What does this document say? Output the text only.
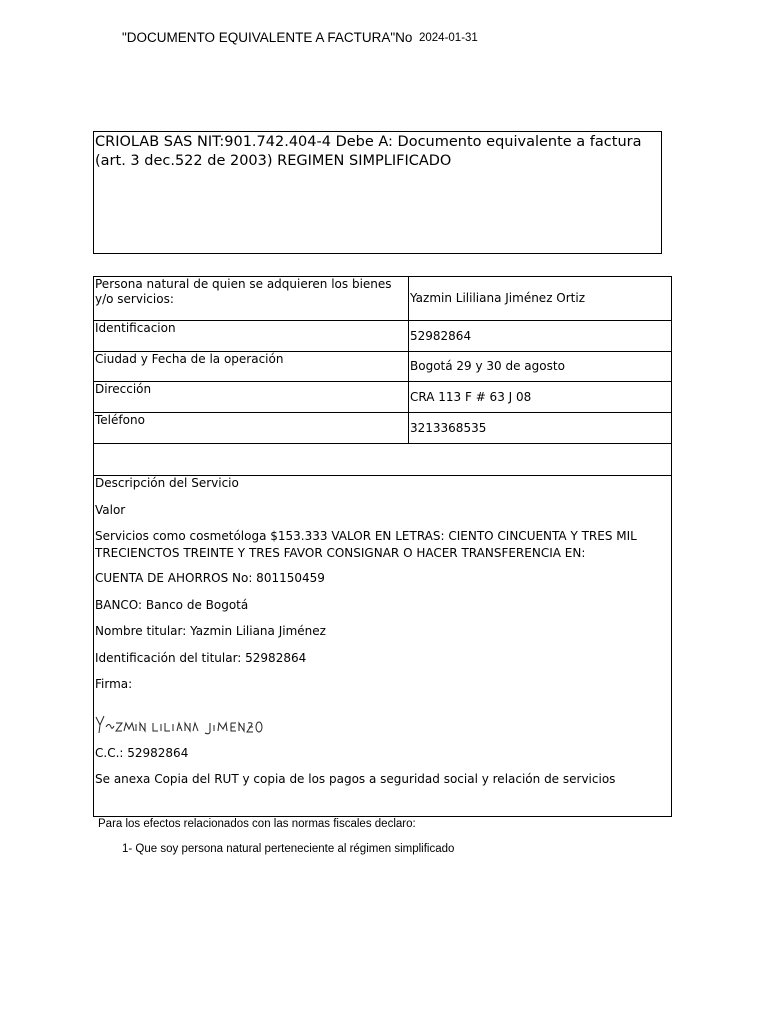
"DOCUMENTO EQUIVALENTE A FACTURA"No 2024-01-31
CRIOLAB SAS NIT:901.742.404-4 Debe A: Documento equivalente a factura
(art. 3 dec.522 de 2003) REGIMEN SIMPLIFICADO
Persona natural de quien se adquieren los bienes y/o servicios:	Yazmin Lililiana Jiménez Ortiz
Identificacion	52982864
Ciudad y Fecha de la operación	Bogotá 29 y 30 de agosto
Dirección	CRA 113 F # 63 J 08
Teléfono	3213368535

Descripción del Servicio

Valor

Servicios como cosmetóloga $153.333 VALOR EN LETRAS: CIENTO CINCUENTA Y TRES MIL TRECIENCTOS TREINTE Y TRES FAVOR CONSIGNAR O HACER TRANSFERENCIA EN:

CUENTA DE AHORROS No: 801150459

BANCO: Banco de Bogotá

Nombre titular: Yazmin Liliana Jiménez

Identificación del titular: 52982864

Firma:

C.C.: 52982864

Se anexa Copia del RUT y copia de los pagos a seguridad social y relación de servicios

Para los efectos relacionados con las normas fiscales declaro:
1- Que soy persona natural perteneciente al régimen simplificado
